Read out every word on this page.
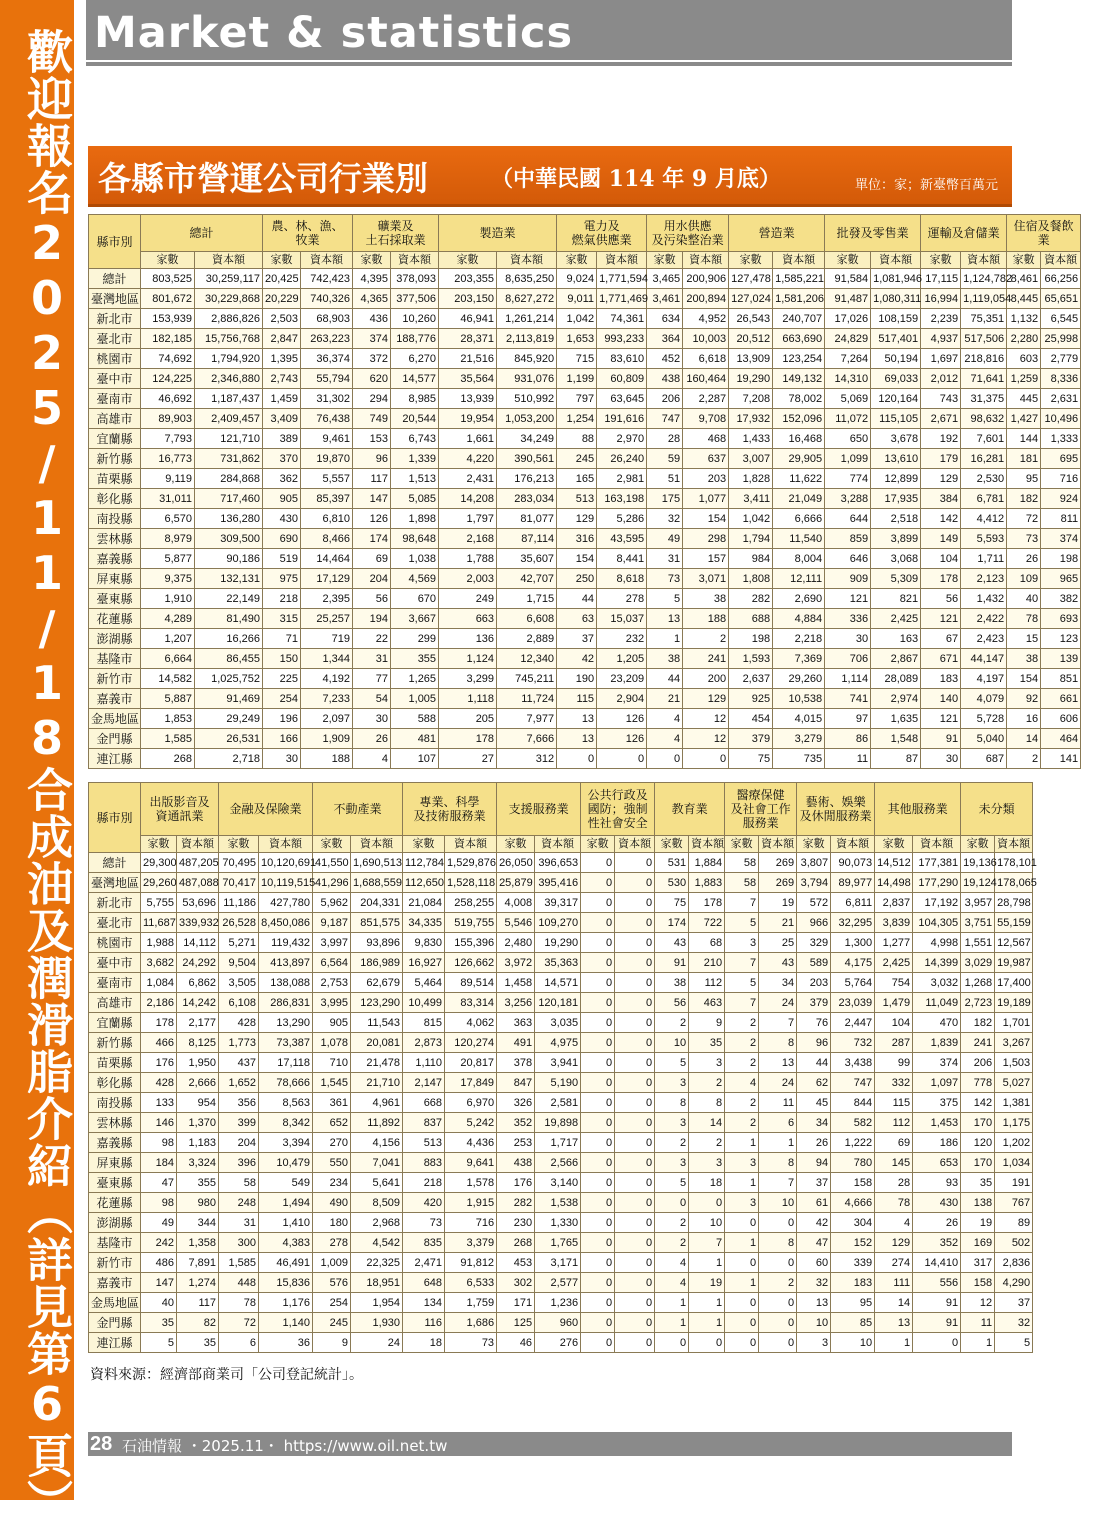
歡迎報名2025/11/18合成油及潤滑脂介紹（詳見第6頁） Market & statistics
各縣市營運公司行業別	（中華民國 114 年 9 月底）	單位：家；新臺幣百萬元
縣市別	總計		農、林、漁、
牧業		礦業及
土石採取業		製造業		電力及
燃氣供應業		用水供應
及污染整治業		營造業		批發及零售業		運輸及倉儲業		住宿及餐飲業	
	家數	資本額	家數	資本額	家數	資本額	家數	資本額	家數	資本額	家數	資本額	家數	資本額	家數	資本額	家數	資本額	家數	資本額
總計	803,525	30,259,117	20,425	742,423	4,395	378,093	203,355	8,635,250	9,024	1,771,594	3,465	200,906	127,478	1,585,221	91,584	1,081,946	17,115	1,124,782	8,461	66,256
臺灣地區	801,672	30,229,868	20,229	740,326	4,365	377,506	203,150	8,627,272	9,011	1,771,469	3,461	200,894	127,024	1,581,206	91,487	1,080,311	16,994	1,119,054	8,445	65,651
新北市	153,939	2,886,826	2,503	68,903	436	10,260	46,941	1,261,214	1,042	74,361	634	4,952	26,543	240,707	17,026	108,159	2,239	75,351	1,132	6,545
臺北市	182,185	15,756,768	2,847	263,223	374	188,776	28,371	2,113,819	1,653	993,233	364	10,003	20,512	663,690	24,829	517,401	4,937	517,506	2,280	25,998
桃園市	74,692	1,794,920	1,395	36,374	372	6,270	21,516	845,920	715	83,610	452	6,618	13,909	123,254	7,264	50,194	1,697	218,816	603	2,779
臺中市	124,225	2,346,880	2,743	55,794	620	14,577	35,564	931,076	1,199	60,809	438	160,464	19,290	149,132	14,310	69,033	2,012	71,641	1,259	8,336
臺南市	46,692	1,187,437	1,459	31,302	294	8,985	13,939	510,992	797	63,645	206	2,287	7,208	78,002	5,069	120,164	743	31,375	445	2,631
高雄市	89,903	2,409,457	3,409	76,438	749	20,544	19,954	1,053,200	1,254	191,616	747	9,708	17,932	152,096	11,072	115,105	2,671	98,632	1,427	10,496
宜蘭縣	7,793	121,710	389	9,461	153	6,743	1,661	34,249	88	2,970	28	468	1,433	16,468	650	3,678	192	7,601	144	1,333
新竹縣	16,773	731,862	370	19,870	96	1,339	4,220	390,561	245	26,240	59	637	3,007	29,905	1,099	13,610	179	16,281	181	695
苗栗縣	9,119	284,868	362	5,557	117	1,513	2,431	176,213	165	2,981	51	203	1,828	11,622	774	12,899	129	2,530	95	716
彰化縣	31,011	717,460	905	85,397	147	5,085	14,208	283,034	513	163,198	175	1,077	3,411	21,049	3,288	17,935	384	6,781	182	924
南投縣	6,570	136,280	430	6,810	126	1,898	1,797	81,077	129	5,286	32	154	1,042	6,666	644	2,518	142	4,412	72	811
雲林縣	8,979	309,500	690	8,466	174	98,648	2,168	87,114	316	43,595	49	298	1,794	11,540	859	3,899	149	5,593	73	374
嘉義縣	5,877	90,186	519	14,464	69	1,038	1,788	35,607	154	8,441	31	157	984	8,004	646	3,068	104	1,711	26	198
屏東縣	9,375	132,131	975	17,129	204	4,569	2,003	42,707	250	8,618	73	3,071	1,808	12,111	909	5,309	178	2,123	109	965
臺東縣	1,910	22,149	218	2,395	56	670	249	1,715	44	278	5	38	282	2,690	121	821	56	1,432	40	382
花蓮縣	4,289	81,490	315	25,257	194	3,667	663	6,608	63	15,037	13	188	688	4,884	336	2,425	121	2,422	78	693
澎湖縣	1,207	16,266	71	719	22	299	136	2,889	37	232	1	2	198	2,218	30	163	67	2,423	15	123
基隆市	6,664	86,455	150	1,344	31	355	1,124	12,340	42	1,205	38	241	1,593	7,369	706	2,867	671	44,147	38	139
新竹市	14,582	1,025,752	225	4,192	77	1,265	3,299	745,211	190	23,209	44	200	2,637	29,260	1,114	28,089	183	4,197	154	851
嘉義市	5,887	91,469	254	7,233	54	1,005	1,118	11,724	115	2,904	21	129	925	10,538	741	2,974	140	4,079	92	661
金馬地區	1,853	29,249	196	2,097	30	588	205	7,977	13	126	4	12	454	4,015	97	1,635	121	5,728	16	606
金門縣	1,585	26,531	166	1,909	26	481	178	7,666	13	126	4	12	379	3,279	86	1,548	91	5,040	14	464
連江縣	268	2,718	30	188	4	107	27	312	0	0	0	0	75	735	11	87	30	687	2	141
縣市別	出版影音及
資通訊業		金融及保險業		不動產業		專業、科學
及技術服務業		支援服務業		公共行政及
國防；強制
性社會安全		教育業		醫療保健
及社會工作
服務業		藝術、娛樂
及休閒服務業		其他服務業		未分類	
	家數	資本額	家數	資本額	家數	資本額	家數	資本額	家數	資本額	家數	資本額	家數	資本額	家數	資本額	家數	資本額	家數	資本額	家數	資本額
總計	29,300	487,205	70,495	10,120,691	41,550	1,690,513	112,784	1,529,876	26,050	396,653	0	0	531	1,884	58	269	3,807	90,073	14,512	177,381	19,136	178,101
臺灣地區	29,260	487,088	70,417	10,119,515	41,296	1,688,559	112,650	1,528,118	25,879	395,416	0	0	530	1,883	58	269	3,794	89,977	14,498	177,290	19,124	178,065
新北市	5,755	53,696	11,186	427,780	5,962	204,331	21,084	258,255	4,008	39,317	0	0	75	178	7	19	572	6,811	2,837	17,192	3,957	28,798
臺北市	11,687	339,932	26,528	8,450,086	9,187	851,575	34,335	519,755	5,546	109,270	0	0	174	722	5	21	966	32,295	3,839	104,305	3,751	55,159
桃園市	1,988	14,112	5,271	119,432	3,997	93,896	9,830	155,396	2,480	19,290	0	0	43	68	3	25	329	1,300	1,277	4,998	1,551	12,567
臺中市	3,682	24,292	9,504	413,897	6,564	186,989	16,927	126,662	3,972	35,363	0	0	91	210	7	43	589	4,175	2,425	14,399	3,029	19,987
臺南市	1,084	6,862	3,505	138,088	2,753	62,679	5,464	89,514	1,458	14,571	0	0	38	112	5	34	203	5,764	754	3,032	1,268	17,400
高雄市	2,186	14,242	6,108	286,831	3,995	123,290	10,499	83,314	3,256	120,181	0	0	56	463	7	24	379	23,039	1,479	11,049	2,723	19,189
宜蘭縣	178	2,177	428	13,290	905	11,543	815	4,062	363	3,035	0	0	2	9	2	7	76	2,447	104	470	182	1,701
新竹縣	466	8,125	1,773	73,387	1,078	20,081	2,873	120,274	491	4,975	0	0	10	35	2	8	96	732	287	1,839	241	3,267
苗栗縣	176	1,950	437	17,118	710	21,478	1,110	20,817	378	3,941	0	0	5	3	2	13	44	3,438	99	374	206	1,503
彰化縣	428	2,666	1,652	78,666	1,545	21,710	2,147	17,849	847	5,190	0	0	3	2	4	24	62	747	332	1,097	778	5,027
南投縣	133	954	356	8,563	361	4,961	668	6,970	326	2,581	0	0	8	8	2	11	45	844	115	375	142	1,381
雲林縣	146	1,370	399	8,342	652	11,892	837	5,242	352	19,898	0	0	3	14	2	6	34	582	112	1,453	170	1,175
嘉義縣	98	1,183	204	3,394	270	4,156	513	4,436	253	1,717	0	0	2	2	1	1	26	1,222	69	186	120	1,202
屏東縣	184	3,324	396	10,479	550	7,041	883	9,641	438	2,566	0	0	3	3	3	8	94	780	145	653	170	1,034
臺東縣	47	355	58	549	234	5,641	218	1,578	176	3,140	0	0	5	18	1	7	37	158	28	93	35	191
花蓮縣	98	980	248	1,494	490	8,509	420	1,915	282	1,538	0	0	0	0	3	10	61	4,666	78	430	138	767
澎湖縣	49	344	31	1,410	180	2,968	73	716	230	1,330	0	0	2	10	0	0	42	304	4	26	19	89
基隆市	242	1,358	300	4,383	278	4,542	835	3,379	268	1,765	0	0	2	7	1	8	47	152	129	352	169	502
新竹市	486	7,891	1,585	46,491	1,009	22,325	2,471	91,812	453	3,171	0	0	4	1	0	0	60	339	274	14,410	317	2,836
嘉義市	147	1,274	448	15,836	576	18,951	648	6,533	302	2,577	0	0	4	19	1	2	32	183	111	556	158	4,290
金馬地區	40	117	78	1,176	254	1,954	134	1,759	171	1,236	0	0	1	1	0	0	13	95	14	91	12	37
金門縣	35	82	72	1,140	245	1,930	116	1,686	125	960	0	0	1	1	0	0	10	85	13	91	11	32
連江縣	5	35	6	36	9	24	18	73	46	276	0	0	0	0	0	0	3	10	1	0	1	5
資料來源：經濟部商業司「公司登記統計」。
28 石油情報 ・2025.11・ https://www.oil.net.tw
